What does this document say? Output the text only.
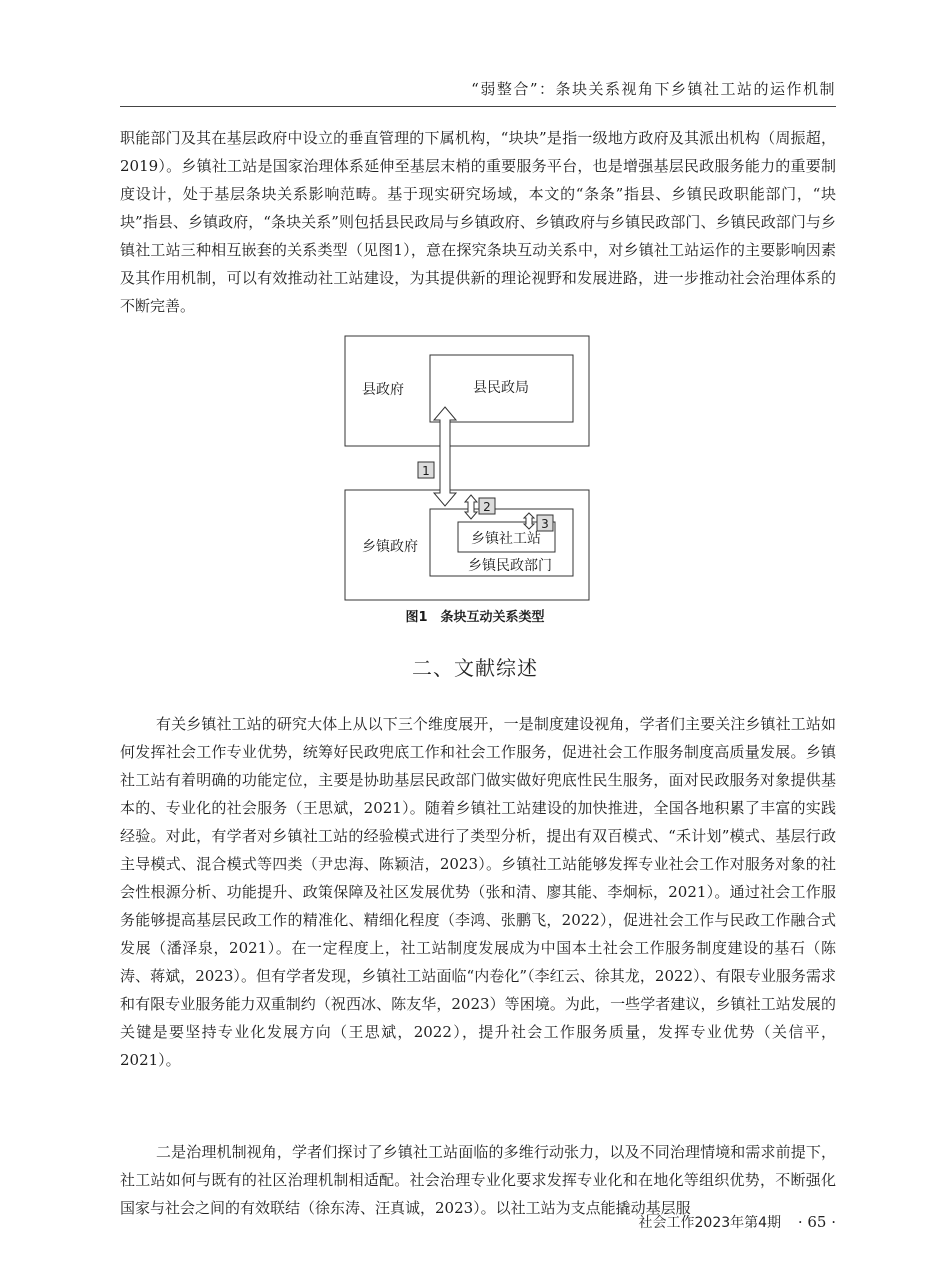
“弱整合”：条块关系视角下乡镇社工站的运作机制

职能部门及其在基层政府中设立的垂直管理的下属机构，“块块”是指一级地方政府及其派出机构（周振超，2019）。乡镇社工站是国家治理体系延伸至基层末梢的重要服务平台，也是增强基层民政服务能力的重要制度设计，处于基层条块关系影响范畴。基于现实研究场域，本文的“条条”指县、乡镇民政职能部门，“块块”指县、乡镇政府，“条块关系”则包括县民政局与乡镇政府、乡镇政府与乡镇民政部门、乡镇民政部门与乡镇社工站三种相互嵌套的关系类型（见图1），意在探究条块互动关系中，对乡镇社工站运作的主要影响因素及其作用机制，可以有效推动社工站建设，为其提供新的理论视野和发展进路，进一步推动社会治理体系的不断完善。

县政府	县民政局
乡镇政府
乡镇民政部门
乡镇社工站
1
2
3
图1　条块互动关系类型
二、文献综述

有关乡镇社工站的研究大体上从以下三个维度展开，一是制度建设视角，学者们主要关注乡镇社工站如何发挥社会工作专业优势，统筹好民政兜底工作和社会工作服务，促进社会工作服务制度高质量发展。乡镇社工站有着明确的功能定位，主要是协助基层民政部门做实做好兜底性民生服务，面对民政服务对象提供基本的、专业化的社会服务（王思斌，2021）。随着乡镇社工站建设的加快推进，全国各地积累了丰富的实践经验。对此，有学者对乡镇社工站的经验模式进行了类型分析，提出有双百模式、“禾计划”模式、基层行政主导模式、混合模式等四类（尹忠海、陈颖洁，2023）。乡镇社工站能够发挥专业社会工作对服务对象的社会性根源分析、功能提升、政策保障及社区发展优势（张和清、廖其能、李炯标，2021）。通过社会工作服务能够提高基层民政工作的精准化、精细化程度（李鸿、张鹏飞，2022），促进社会工作与民政工作融合式发展（潘泽泉，2021）。在一定程度上，社工站制度发展成为中国本土社会工作服务制度建设的基石（陈涛、蒋斌，2023）。但有学者发现，乡镇社工站面临“内卷化”（李红云、徐其龙，2022）、有限专业服务需求和有限专业服务能力双重制约（祝西冰、陈友华，2023）等困境。为此，一些学者建议，乡镇社工站发展的关键是要坚持专业化发展方向（王思斌，2022），提升社会工作服务质量，发挥专业优势（关信平，2021）。

二是治理机制视角，学者们探讨了乡镇社工站面临的多维行动张力，以及不同治理情境和需求前提下，社工站如何与既有的社区治理机制相适配。社会治理专业化要求发挥专业化和在地化等组织优势，不断强化国家与社会之间的有效联结（徐东涛、汪真诚，2023）。以社工站为支点能撬动基层服

社会工作2023年第4期 · 65 ·
